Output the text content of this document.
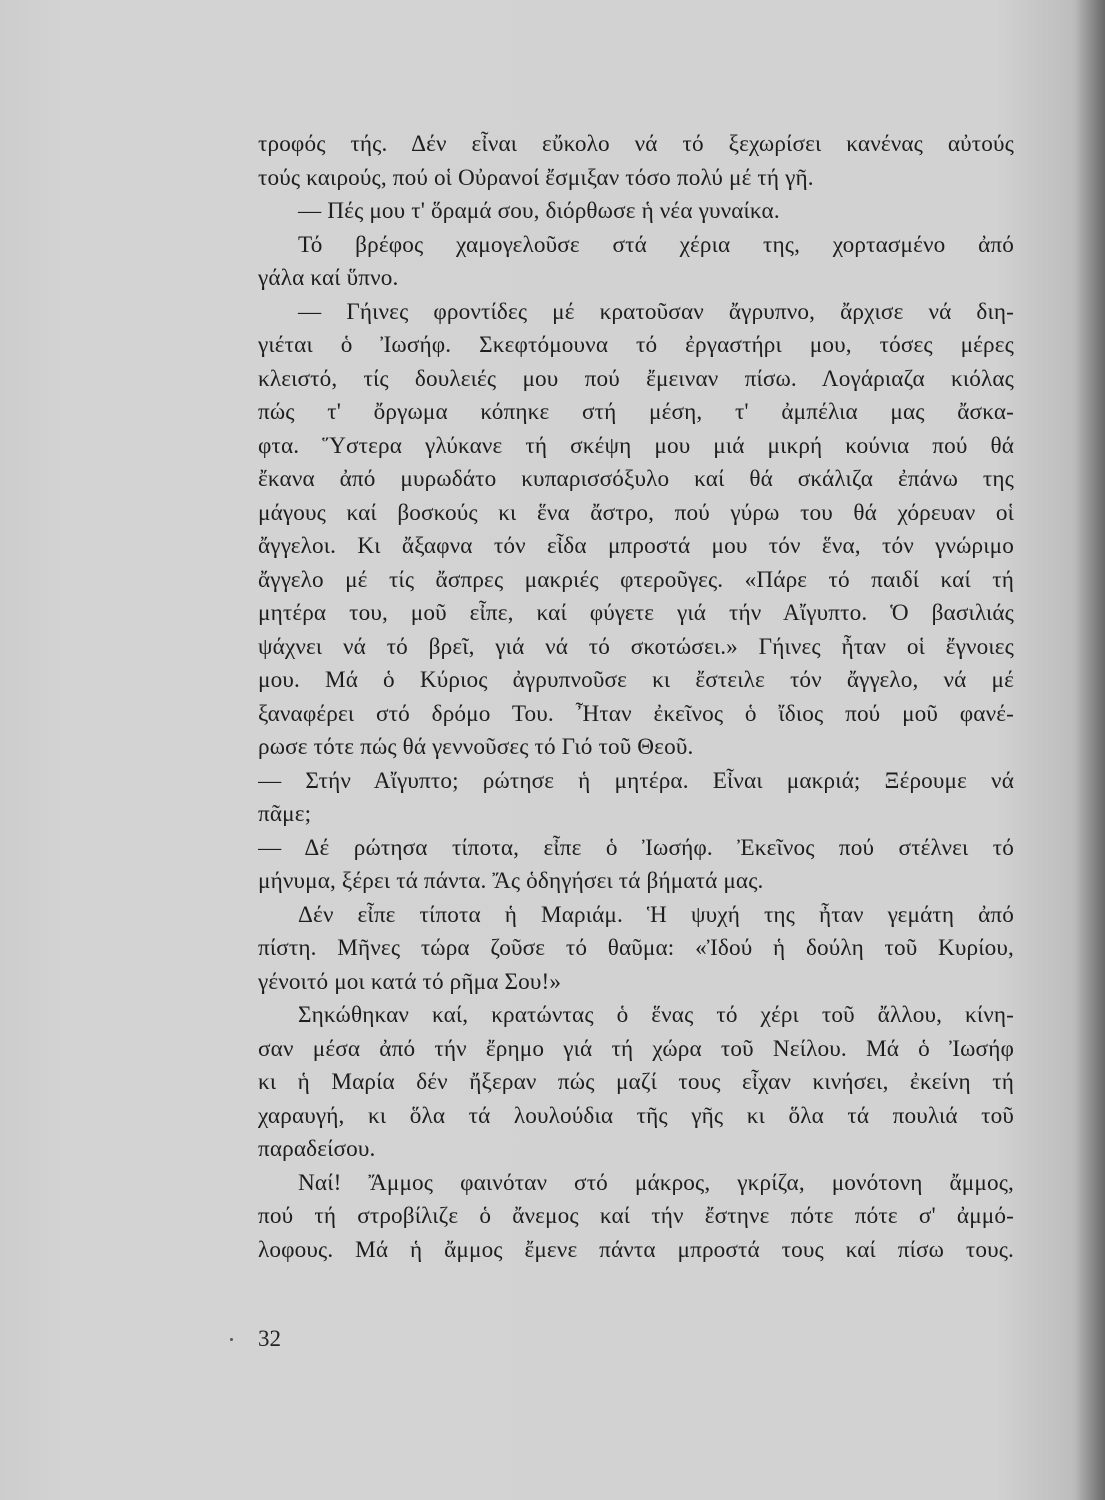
τροφός τής. Δέν εἶναι εὔκολο νά τό ξεχωρίσει κανένας αὐτούς
τούς καιρούς, πού οἱ Οὐρανοί ἔσμιξαν τόσο πολύ μέ τή γῆ.
— Πές μου τ' ὅραμά σου, διόρθωσε ἡ νέα γυναίκα.
Τό βρέφος χαμογελοῦσε στά χέρια της, χορτασμένο ἀπό
γάλα καί ὕπνο.
— Γήινες φροντίδες μέ κρατοῦσαν ἄγρυπνο, ἄρχισε νά διη-
γιέται ὁ Ἰωσήφ. Σκεφτόμουνα τό ἐργαστήρι μου, τόσες μέρες
κλειστό, τίς δουλειές μου πού ἔμειναν πίσω. Λογάριαζα κιόλας
πώς τ' ὄργωμα κόπηκε στή μέση, τ' ἀμπέλια μας ἄσκα-
φτα. Ὕστερα γλύκανε τή σκέψη μου μιά μικρή κούνια πού θά
ἔκανα ἀπό μυρωδάτο κυπαρισσόξυλο καί θά σκάλιζα ἐπάνω της
μάγους καί βοσκούς κι ἕνα ἄστρο, πού γύρω του θά χόρευαν οἱ
ἄγγελοι. Κι ἄξαφνα τόν εἶδα μπροστά μου τόν ἕνα, τόν γνώριμο
ἄγγελο μέ τίς ἄσπρες μακριές φτεροῦγες. «Πάρε τό παιδί καί τή
μητέρα του, μοῦ εἶπε, καί φύγετε γιά τήν Αἴγυπτο. Ὁ βασιλιάς
ψάχνει νά τό βρεῖ, γιά νά τό σκοτώσει.» Γήινες ἦταν οἱ ἔγνοιες
μου. Μά ὁ Κύριος ἀγρυπνοῦσε κι ἔστειλε τόν ἄγγελο, νά μέ
ξαναφέρει στό δρόμο Του. Ἦταν ἐκεῖνος ὁ ἴδιος πού μοῦ φανέ-
ρωσε τότε πώς θά γεννοῦσες τό Γιό τοῦ Θεοῦ.
— Στήν Αἴγυπτο; ρώτησε ἡ μητέρα. Εἶναι μακριά; Ξέρουμε νά
πᾶμε;
— Δέ ρώτησα τίποτα, εἶπε ὁ Ἰωσήφ. Ἐκεῖνος πού στέλνει τό
μήνυμα, ξέρει τά πάντα. Ἄς ὁδηγήσει τά βήματά μας.
Δέν εἶπε τίποτα ἡ Μαριάμ. Ἡ ψυχή της ἦταν γεμάτη ἀπό
πίστη. Μῆνες τώρα ζοῦσε τό θαῦμα: «Ἰδού ἡ δούλη τοῦ Κυρίου,
γένοιτό μοι κατά τό ρῆμα Σου!»
Σηκώθηκαν καί, κρατώντας ὁ ἕνας τό χέρι τοῦ ἄλλου, κίνη-
σαν μέσα ἀπό τήν ἔρημο γιά τή χώρα τοῦ Νείλου. Μά ὁ Ἰωσήφ
κι ἡ Μαρία δέν ἤξεραν πώς μαζί τους εἶχαν κινήσει, ἐκείνη τή
χαραυγή, κι ὅλα τά λουλούδια τῆς γῆς κι ὅλα τά πουλιά τοῦ
παραδείσου.
Ναί! Ἄμμος φαινόταν στό μάκρος, γκρίζα, μονότονη ἄμμος,
πού τή στροβίλιζε ὁ ἄνεμος καί τήν ἔστηνε πότε πότε σ' ἀμμό-
λοφους. Μά ἡ ἄμμος ἔμενε πάντα μπροστά τους καί πίσω τους.
32
